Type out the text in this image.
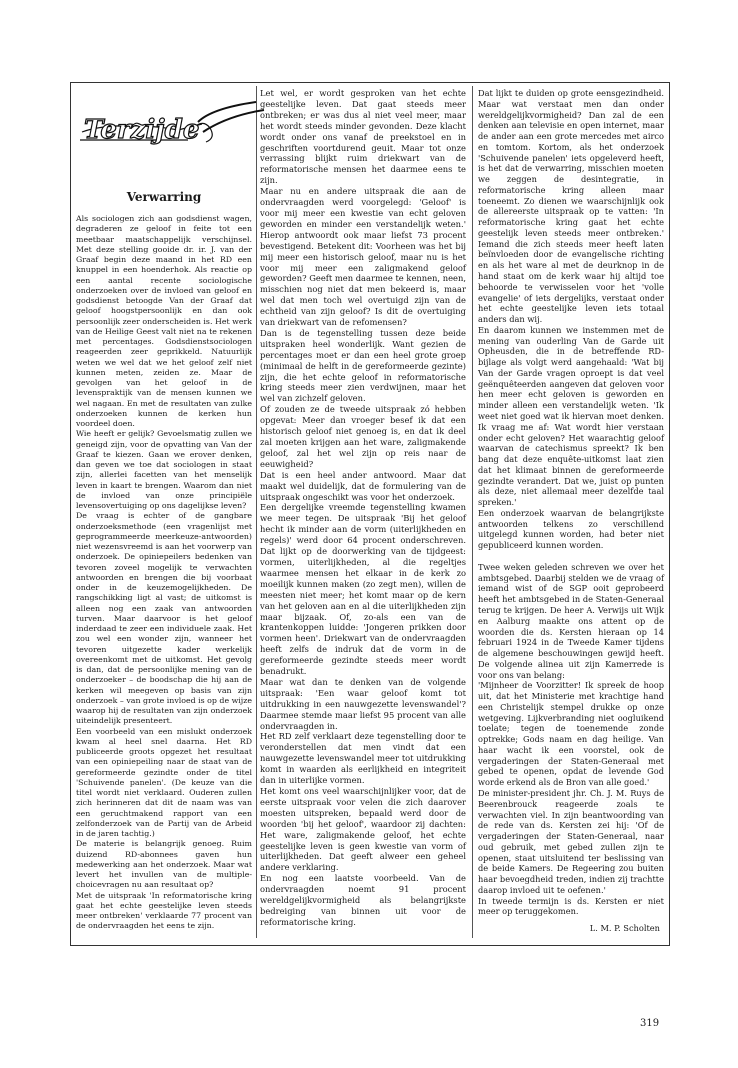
Terzijde
Verwarring

Als sociologen zich aan godsdienst wagen, degraderen ze geloof in feite tot een meetbaar maatschappelijk verschijnsel. Met deze stelling gooide dr. ir. J. van der Graaf begin deze maand in het RD een knuppel in een hoenderhok. Als reactie op een aantal recente sociologische onderzoeken over de invloed van geloof en godsdienst betoogde Van der Graaf dat geloof hoogstpersoonlijk en dan ook persoonlijk zeer onderscheiden is. Het werk van de Heilige Geest valt niet na te rekenen met percentages. Godsdienstsociologen reageerden zeer geprikkeld. Natuurlijk weten we wel dat we het geloof zelf niet kunnen meten, zeiden ze. Maar de gevolgen van het geloof in de levenspraktijk van de mensen kunnen we wel nagaan. En met de resultaten van zulke onderzoeken kunnen de kerken hun voordeel doen.

Wie heeft er gelijk? Gevoelsmatig zullen we geneigd zijn, voor de opvatting van Van der Graaf te kiezen. Gaan we erover denken, dan geven we toe dat sociologen in staat zijn, allerlei facetten van het menselijk leven in kaart te brengen. Waarom dan niet de invloed van onze principiële levensovertuiging op ons dagelijkse leven?

De vraag is echter of de gangbare onderzoeksmethode (een vragenlijst met geprogrammeerde meerkeuze-antwoorden) niet wezensvreemd is aan het voorwerp van onderzoek. De opiniepeilers bedenken van tevoren zoveel mogelijk te verwachten antwoorden en brengen die bij voorbaat onder in de keuzemogelijkheden. De rangschikking ligt al vast; de uitkomst is alleen nog een zaak van antwoorden turven. Maar daarvoor is het geloof inderdaad te zeer een individuele zaak. Het zou wel een wonder zijn, wanneer het tevoren uitgezette kader werkelijk overeenkomt met de uitkomst. Het gevolg is dan, dat de persoonlijke mening van de onderzoeker – de boodschap die hij aan de kerken wil meegeven op basis van zijn onderzoek – van grote invloed is op de wijze waarop hij de resultaten van zijn onderzoek uiteindelijk presenteert.

Een voorbeeld van een mislukt onderzoek kwam al heel snel daarna. Het RD publiceerde groots opgezet het resultaat van een opiniepeiling naar de staat van de gereformeerde gezindte onder de titel 'Schuivende panelen'. (De keuze van die titel wordt niet verklaard. Ouderen zullen zich herinneren dat dit de naam was van een geruchtmakend rapport van een zelfonderzoek van de Partij van de Arbeid in de jaren tachtig.)

De materie is belangrijk genoeg. Ruim duizend RD-abonnees gaven hun medewerking aan het onderzoek. Maar wat levert het invullen van de multiple-choicevragen nu aan resultaat op?

Met de uitspraak 'In reformatorische kring gaat het echte geestelijke leven steeds meer ontbreken' verklaarde 77 procent van de ondervraagden het eens te zijn.

Let wel, er wordt gesproken van het echte geestelijke leven. Dat gaat steeds meer ontbreken; er was dus al niet veel meer, maar het wordt steeds minder gevonden. Deze klacht wordt onder ons vanaf de preekstoel en in geschriften voortdurend geuit. Maar tot onze verrassing blijkt ruim driekwart van de reformatorische mensen het daarmee eens te zijn.

Maar nu en andere uitspraak die aan de ondervraagden werd voorgelegd: 'Geloof' is voor mij meer een kwestie van echt geloven geworden en minder een verstandelijk weten.' Hierop antwoordt ook maar liefst 73 procent bevestigend. Betekent dit: Voorheen was het bij mij meer een historisch geloof, maar nu is het voor mij meer een zaligmakend geloof geworden? Geeft men daarmee te kennen, neen, misschien nog niet dat men bekeerd is, maar wel dat men toch wel overtuigd zijn van de echtheid van zijn geloof? Is dit de overtuiging van driekwart van de refomensen?

Dan is de tegenstelling tussen deze beide uitspraken heel wonderlijk. Want gezien de percentages moet er dan een heel grote groep (minimaal de helft in de gereformeerde gezinte) zijn, die het echte geloof in reformatorische kring steeds meer zien verdwijnen, maar het wel van zichzelf geloven.

Of zouden ze de tweede uitspraak zó hebben opgevat: Meer dan vroeger besef ik dat een historisch geloof niet genoeg is, en dat ik deel zal moeten krijgen aan het ware, zaligmakende geloof, zal het wel zijn op reis naar de eeuwigheid?

Dat is een heel ander antwoord. Maar dat maakt wel duidelijk, dat de formulering van de uitspraak ongeschikt was voor het onderzoek.

Een dergelijke vreemde tegenstelling kwamen we meer tegen. De uitspraak 'Bij het geloof hecht ik minder aan de vorm (uiterlijkheden en regels)' werd door 64 procent onderschreven. Dat lijkt op de doorwerking van de tijdgeest: vormen, uiterlijkheden, al die regeltjes waarmee mensen het elkaar in de kerk zo moeilijk kunnen maken (zo zegt men), willen de meesten niet meer; het komt maar op de kern van het geloven aan en al die uiterlijkheden zijn maar bijzaak. Of, zo-als een van de krantenkoppen luidde: 'Jongeren prikken door vormen heen'. Driekwart van de ondervraagden heeft zelfs de indruk dat de vorm in de gereformeerde gezindte steeds meer wordt benadrukt.

Maar wat dan te denken van de volgende uitspraak: 'Een waar geloof komt tot uitdrukking in een nauwgezette levenswandel'? Daarmee stemde maar liefst 95 procent van alle ondervraagden in.

Het RD zelf verklaart deze tegenstelling door te veronderstellen dat men vindt dat een nauwgezette levenswandel meer tot uitdrukking komt in waarden als eerlijkheid en integriteit dan in uiterlijke vormen.

Het komt ons veel waarschijnlijker voor, dat de eerste uitspraak voor velen die zich daarover moesten uitspreken, bepaald werd door de woorden 'bij het geloof', waardoor zij dachten: Het ware, zaligmakende geloof, het echte geestelijke leven is geen kwestie van vorm of uiterlijkheden. Dat geeft alweer een geheel andere verklaring.

En nog een laatste voorbeeld. Van de ondervraagden noemt 91 procent wereldgelijkvormigheid als belangrijkste bedreiging van binnen uit voor de reformatorische kring.

Dat lijkt te duiden op grote eensgezindheid. Maar wat verstaat men dan onder wereldgelijkvormigheid? Dan zal de een denken aan televisie en open internet, maar de ander aan een grote mercedes met airco en tomtom. Kortom, als het onderzoek 'Schuivende panelen' iets opgeleverd heeft, is het dat de verwarring, misschien moeten we zeggen de desintegratie, in reformatorische kring alleen maar toeneemt. Zo dienen we waarschijnlijk ook de allereerste uitspraak op te vatten: 'In reformatorische kring gaat het echte geestelijk leven steeds meer ontbreken.' Iemand die zich steeds meer heeft laten beïnvloeden door de evangelische richting en als het ware al met de deurknop in de hand staat om de kerk waar hij altijd toe behoorde te verwisselen voor het 'volle evangelie' of iets dergelijks, verstaat onder het echte geestelijke leven iets totaal anders dan wij.

En daarom kunnen we instemmen met de mening van ouderling Van de Garde uit Opheusden, die in de betreffende RD-bijlage als volgt werd aangehaald: 'Wat bij Van der Garde vragen oproept is dat veel geënquêteerden aangeven dat geloven voor hen meer echt geloven is geworden en minder alleen een verstandelijk weten. 'Ik weet niet goed wat ik hiervan moet denken. Ik vraag me af: Wat wordt hier verstaan onder echt geloven? Het waarachtig geloof waarvan de catechismus spreekt? Ik ben bang dat deze enquête-uitkomst laat zien dat het klimaat binnen de gereformeerde gezindte verandert. Dat we, juist op punten als deze, niet allemaal meer dezelfde taal spreken.'

Een onderzoek waarvan de belangrijkste antwoorden telkens zo verschillend uitgelegd kunnen worden, had beter niet gepubliceerd kunnen worden.

Twee weken geleden schreven we over het ambtsgebed. Daarbij stelden we de vraag of iemand wist of de SGP ooit geprobeerd heeft het ambtsgebed in de Staten-Generaal terug te krijgen. De heer A. Verwijs uit Wijk en Aalburg maakte ons attent op de woorden die ds. Kersten hieraan op 14 februari 1924 in de Tweede Kamer tijdens de algemene beschouwingen gewijd heeft. De volgende alinea uit zijn Kamerrede is voor ons van belang:

'Mijnheer de Voorzitter! Ik spreek de hoop uit, dat het Ministerie met krachtige hand een Christelijk stempel drukke op onze wetgeving. Lijkverbranding niet oogluikend toelate; tegen de toenemende zonde optrekke; Gods naam en dag heilige. Van haar wacht ik een voorstel, ook de vergaderingen der Staten-Generaal met gebed te openen, opdat de levende God worde erkend als de Bron van alle goed.'

De minister-president jhr. Ch. J. M. Ruys de Beerenbrouck reageerde zoals te verwachten viel. In zijn beantwoording van de rede van ds. Kersten zei hij: 'Of de vergaderingen der Staten-Generaal, naar oud gebruik, met gebed zullen zijn te openen, staat uitsluitend ter beslissing van de beide Kamers. De Regeering zou buiten haar bevoegdheid treden, indien zij trachtte daarop invloed uit te oefenen.'

In tweede termijn is ds. Kersten er niet meer op teruggekomen.

L. M. P. Scholten

319
